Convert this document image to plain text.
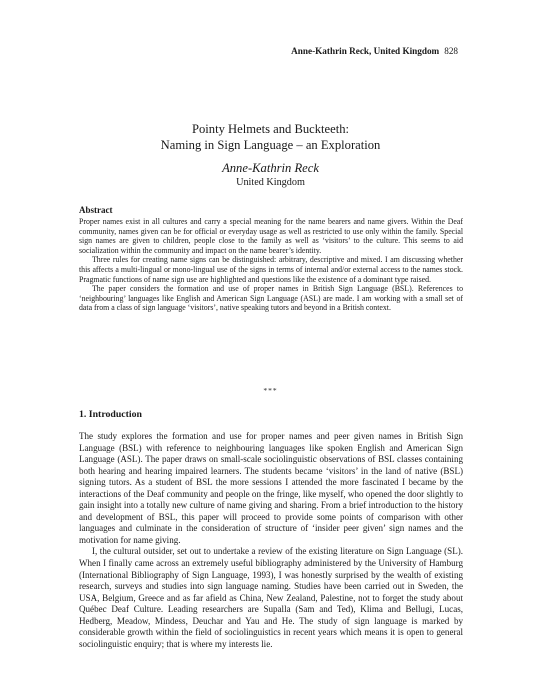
Anne-Kathrin Reck, United Kingdom 828
Pointy Helmets and Buckteeth:
Naming in Sign Language – an Exploration
Anne-Kathrin Reck
United Kingdom
Abstract

Proper names exist in all cultures and carry a special meaning for the name bearers and name givers. Within the Deaf community, names given can be for official or everyday usage as well as restricted to use only within the family. Special sign names are given to children, people close to the family as well as ‘visitors’ to the culture. This seems to aid socialization within the community and impact on the name bearer’s identity.

Three rules for creating name signs can be distinguished: arbitrary, descriptive and mixed. I am discussing whether this affects a multi-lingual or mono-lingual use of the signs in terms of internal and/or external access to the names stock. Pragmatic functions of name sign use are highlighted and questions like the existence of a dominant type raised.

The paper considers the formation and use of proper names in British Sign Language (BSL). References to ‘neighbouring’ languages like English and American Sign Language (ASL) are made. I am working with a small set of data from a class of sign language ‘visitors’, native speaking tutors and beyond in a British context.

***
1. Introduction

The study explores the formation and use for proper names and peer given names in British Sign Language (BSL) with reference to neighbouring languages like spoken English and American Sign Language (ASL). The paper draws on small-scale sociolinguistic observations of BSL classes containing both hearing and hearing impaired learners. The students became ‘visitors’ in the land of native (BSL) signing tutors. As a student of BSL the more sessions I attended the more fascinated I became by the interactions of the Deaf community and people on the fringe, like myself, who opened the door slightly to gain insight into a totally new culture of name giving and sharing. From a brief introduction to the history and development of BSL, this paper will proceed to provide some points of comparison with other languages and culminate in the consideration of structure of ‘insider peer given’ sign names and the motivation for name giving.

I, the cultural outsider, set out to undertake a review of the existing literature on Sign Language (SL). When I finally came across an extremely useful bibliography administered by the University of Hamburg (International Bibliography of Sign Language, 1993), I was honestly surprised by the wealth of existing research, surveys and studies into sign language naming. Studies have been carried out in Sweden, the USA, Belgium, Greece and as far afield as China, New Zealand, Palestine, not to forget the study about Québec Deaf Culture. Leading researchers are Supalla (Sam and Ted), Klima and Bellugi, Lucas, Hedberg, Meadow, Mindess, Deuchar and Yau and He. The study of sign language is marked by considerable growth within the field of sociolinguistics in recent years which means it is open to general sociolinguistic enquiry; that is where my interests lie.
